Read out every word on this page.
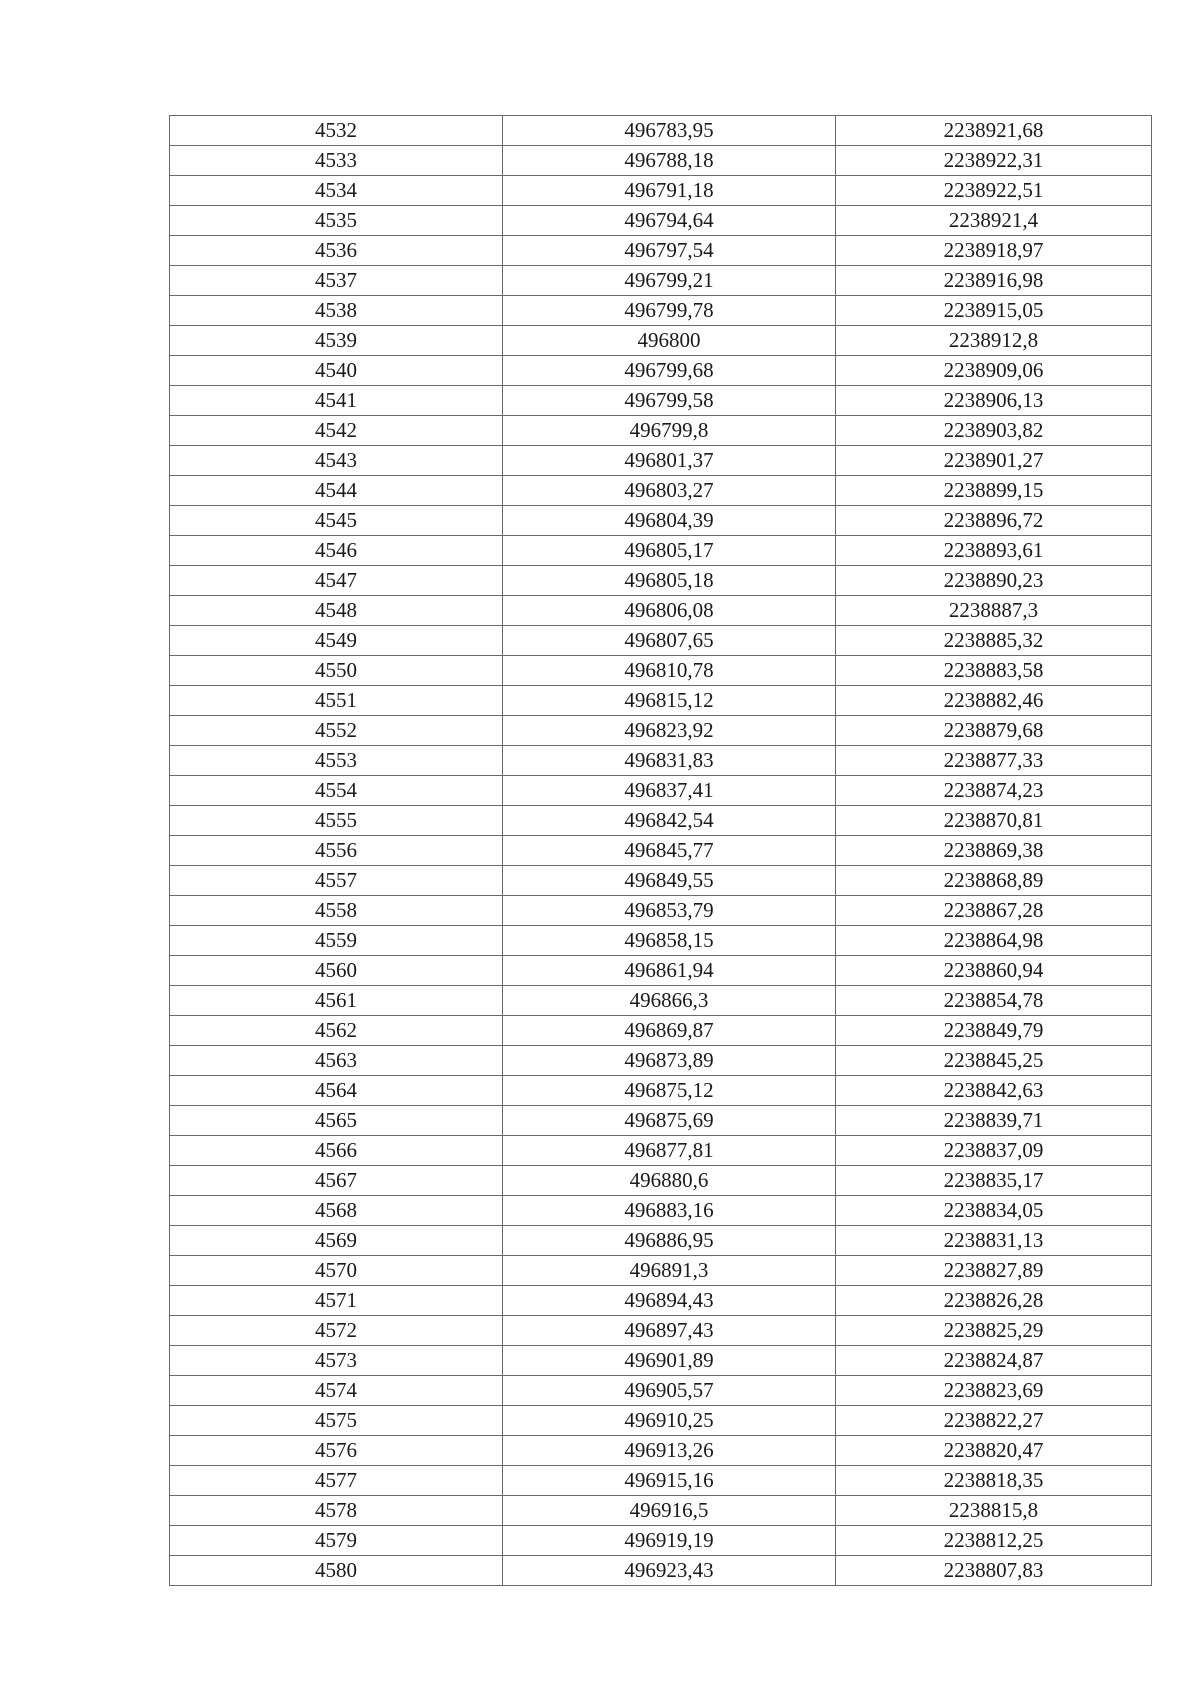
4532	496783,95	2238921,68
4533	496788,18	2238922,31
4534	496791,18	2238922,51
4535	496794,64	2238921,4
4536	496797,54	2238918,97
4537	496799,21	2238916,98
4538	496799,78	2238915,05
4539	496800	2238912,8
4540	496799,68	2238909,06
4541	496799,58	2238906,13
4542	496799,8	2238903,82
4543	496801,37	2238901,27
4544	496803,27	2238899,15
4545	496804,39	2238896,72
4546	496805,17	2238893,61
4547	496805,18	2238890,23
4548	496806,08	2238887,3
4549	496807,65	2238885,32
4550	496810,78	2238883,58
4551	496815,12	2238882,46
4552	496823,92	2238879,68
4553	496831,83	2238877,33
4554	496837,41	2238874,23
4555	496842,54	2238870,81
4556	496845,77	2238869,38
4557	496849,55	2238868,89
4558	496853,79	2238867,28
4559	496858,15	2238864,98
4560	496861,94	2238860,94
4561	496866,3	2238854,78
4562	496869,87	2238849,79
4563	496873,89	2238845,25
4564	496875,12	2238842,63
4565	496875,69	2238839,71
4566	496877,81	2238837,09
4567	496880,6	2238835,17
4568	496883,16	2238834,05
4569	496886,95	2238831,13
4570	496891,3	2238827,89
4571	496894,43	2238826,28
4572	496897,43	2238825,29
4573	496901,89	2238824,87
4574	496905,57	2238823,69
4575	496910,25	2238822,27
4576	496913,26	2238820,47
4577	496915,16	2238818,35
4578	496916,5	2238815,8
4579	496919,19	2238812,25
4580	496923,43	2238807,83
